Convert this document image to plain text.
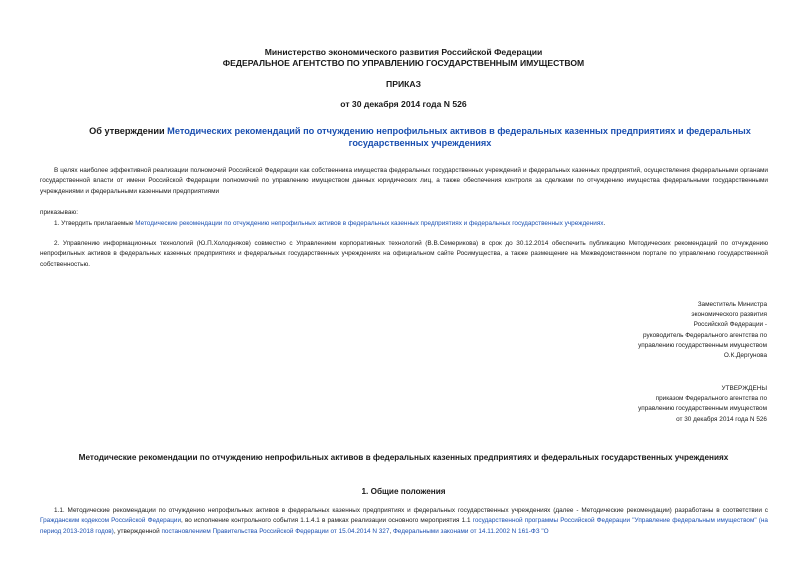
Министерство экономического развития Российской Федерации
ФЕДЕРАЛЬНОЕ АГЕНТСТВО ПО УПРАВЛЕНИЮ ГОСУДАРСТВЕННЫМ ИМУЩЕСТВОМ
ПРИКАЗ
от 30 декабря 2014 года N 526
Об утверждении Методических рекомендаций по отчуждению непрофильных активов в федеральных казенных предприятиях и федеральных государственных учреждениях
В целях наиболее эффективной реализации полномочий Российской Федерации как собственника имущества федеральных государственных учреждений и федеральных казенных предприятий, осуществления федеральными органами государственной власти от имени Российской Федерации полномочий по управлению имуществом данных юридических лиц, а также обеспечения контроля за сделками по отчуждению имущества федеральными государственными учреждениями и федеральными казенными предприятиями
приказываю:
1. Утвердить прилагаемые Методические рекомендации по отчуждению непрофильных активов в федеральных казенных предприятиях и федеральных государственных учреждениях.
2. Управлению информационных технологий (Ю.П.Холодняков) совместно с Управлением корпоративных технологий (В.В.Семерикова) в срок до 30.12.2014 обеспечить публикацию Методических рекомендаций по отчуждению непрофильных активов в федеральных казенных предприятиях и федеральных государственных учреждениях на официальном сайте Росимущества, а также размещение на Межведомственном портале по управлению государственной собственностью.
Заместитель Министра
экономического развития
Российской Федерации -
руководитель Федерального агентства по
управлению государственным имуществом
О.К.Дергунова
УТВЕРЖДЕНЫ
приказом Федерального агентства по
управлению государственным имуществом
от 30 декабря 2014 года N 526
Методические рекомендации по отчуждению непрофильных активов в федеральных казенных предприятиях и федеральных государственных учреждениях
1. Общие положения
1.1. Методические рекомендации по отчуждению непрофильных активов в федеральных казенных предприятиях и федеральных государственных учреждениях (далее - Методические рекомендации) разработаны в соответствии с Гражданским кодексом Российской Федерации, во исполнение контрольного события 1.1.4.1 в рамках реализации основного мероприятия 1.1 государственной программы Российской Федерации "Управление федеральным имуществом" (на период 2013-2018 годов), утвержденной постановлением Правительства Российской Федерации от 15.04.2014 N 327, Федеральными законами от 14.11.2002 N 161-ФЗ "О
